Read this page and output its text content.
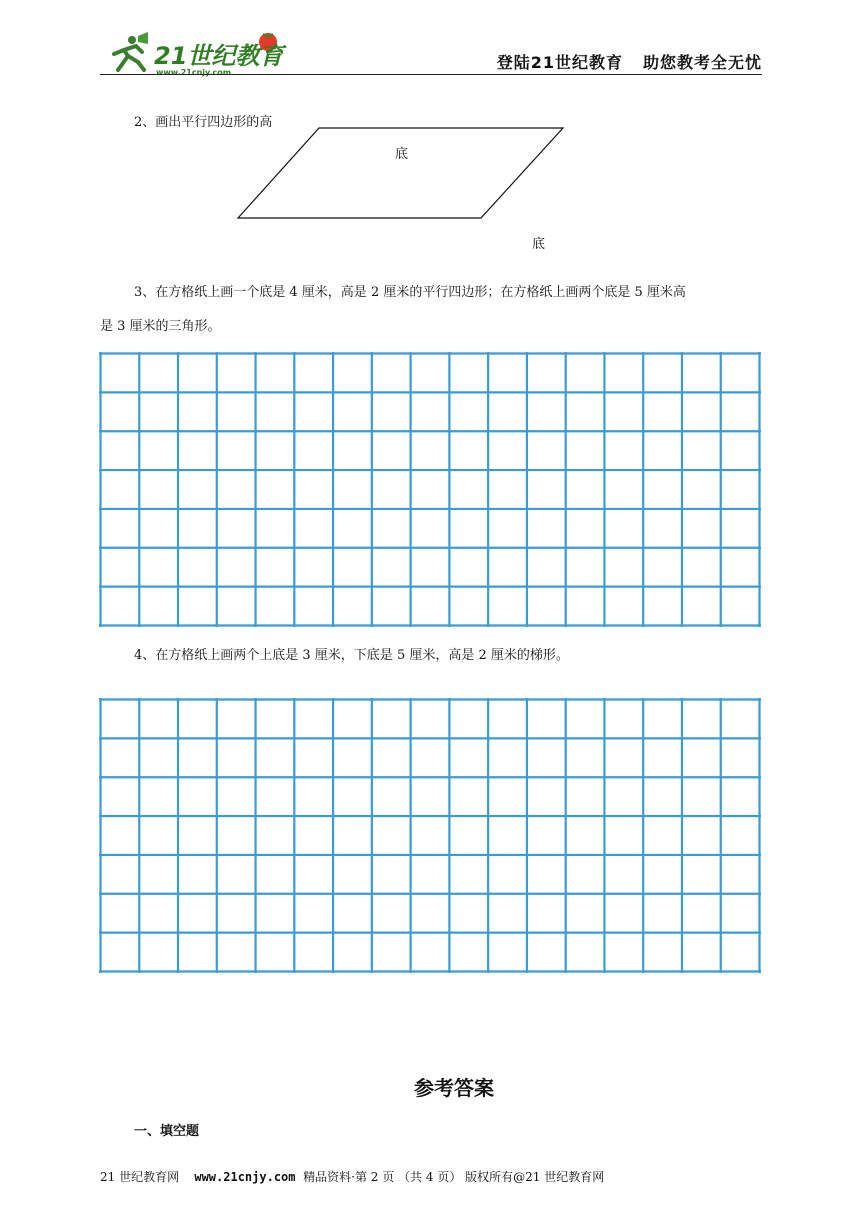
21世纪教育
www.21cnjy.com
登陆21世纪教育 助您教考全无忧
2、画出平行四边形的高
底
底
3、在方格纸上画一个底是 4 厘米，高是 2 厘米的平行四边形；在方格纸上画两个底是 5 厘米高
是 3 厘米的三角形。
4、在方格纸上画两个上底是 3 厘米，下底是 5 厘米，高是 2 厘米的梯形。
参考答案
一、填空题
21 世纪教育网 www.21cnjy.com 精品资料·第 2 页 （共 4 页） 版权所有@21 世纪教育网
